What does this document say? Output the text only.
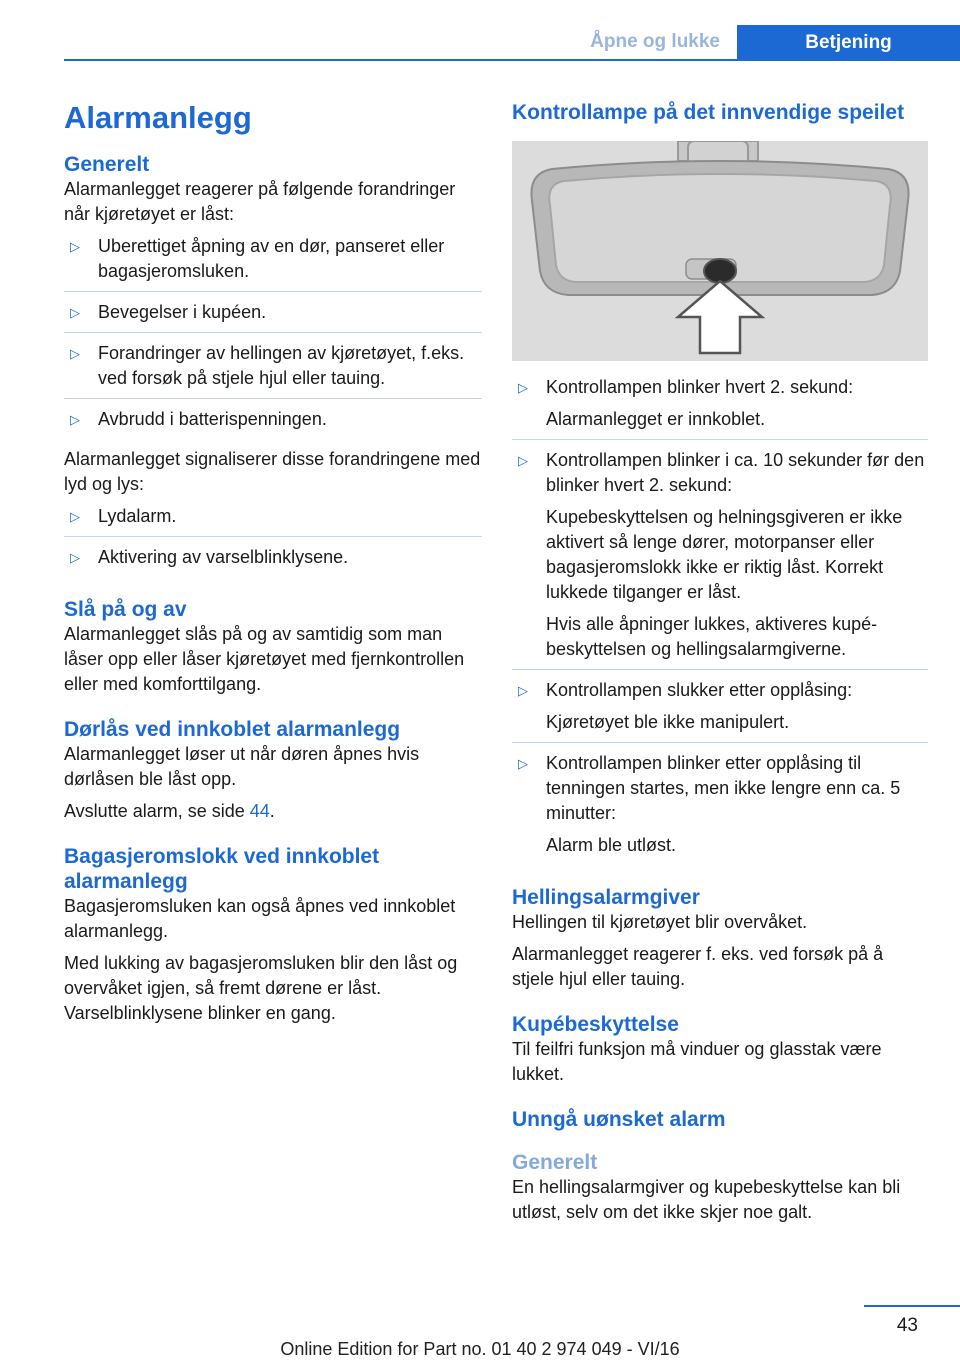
Åpne og lukke	Betjening
Alarmanlegg
Generelt

Alarmanlegget reagerer på følgende forandringer når kjøretøyet er låst:

▷ Uberettiget åpning av en dør, panseret eller bagasjeromsluken.
▷ Bevegelser i kupéen.
▷ Forandringer av hellingen av kjøretøyet, f.eks. ved forsøk på stjele hjul eller tauing.
▷ Avbrudd i batterispenningen.

Alarmanlegget signaliserer disse forandringene med lyd og lys:

▷ Lydalarm.
▷ Aktivering av varselblinklysene.
Slå på og av

Alarmanlegget slås på og av samtidig som man låser opp eller låser kjøretøyet med fjernkontrollen eller med komforttilgang.

Dørlås ved innkoblet alarmanlegg

Alarmanlegget løser ut når døren åpnes hvis dørlåsen ble låst opp.

Avslutte alarm, se side 44.

Bagasjeromslokk ved innkoblet alarmanlegg

Bagasjeromsluken kan også åpnes ved innkoblet alarmanlegg.

Med lukking av bagasjeromsluken blir den låst og overvåket igjen, så fremt dørene er låst. Varselblinklysene blinker en gang.

Kontrollampe på det innvendige speilet
▷ Kontrollampen blinker hvert 2. sekund:
Alarmanlegget er innkoblet.
▷ Kontrollampen blinker i ca. 10 sekunder før den blinker hvert 2. sekund:
Kupebeskyttelsen og helningsgiveren er ikke aktivert så lenge dører, motorpanser eller bagasjeromslokk ikke er riktig låst. Korrekt lukkede tilganger er låst.
Hvis alle åpninger lukkes, aktiveres kupébeskyttelsen og hellingsalarmgiverne.
▷ Kontrollampen slukker etter opplåsing:
Kjøretøyet ble ikke manipulert.
▷ Kontrollampen blinker etter opplåsing til tenningen startes, men ikke lengre enn ca. 5 minutter:
Alarm ble utløst.
Hellingsalarmgiver

Hellingen til kjøretøyet blir overvåket.

Alarmanlegget reagerer f. eks. ved forsøk på å stjele hjul eller tauing.

Kupébeskyttelse

Til feilfri funksjon må vinduer og glasstak være lukket.

Unngå uønsket alarm
Generelt

En hellingsalarmgiver og kupebeskyttelse kan bli utløst, selv om det ikke skjer noe galt.

43
Online Edition for Part no. 01 40 2 974 049 - VI/16
